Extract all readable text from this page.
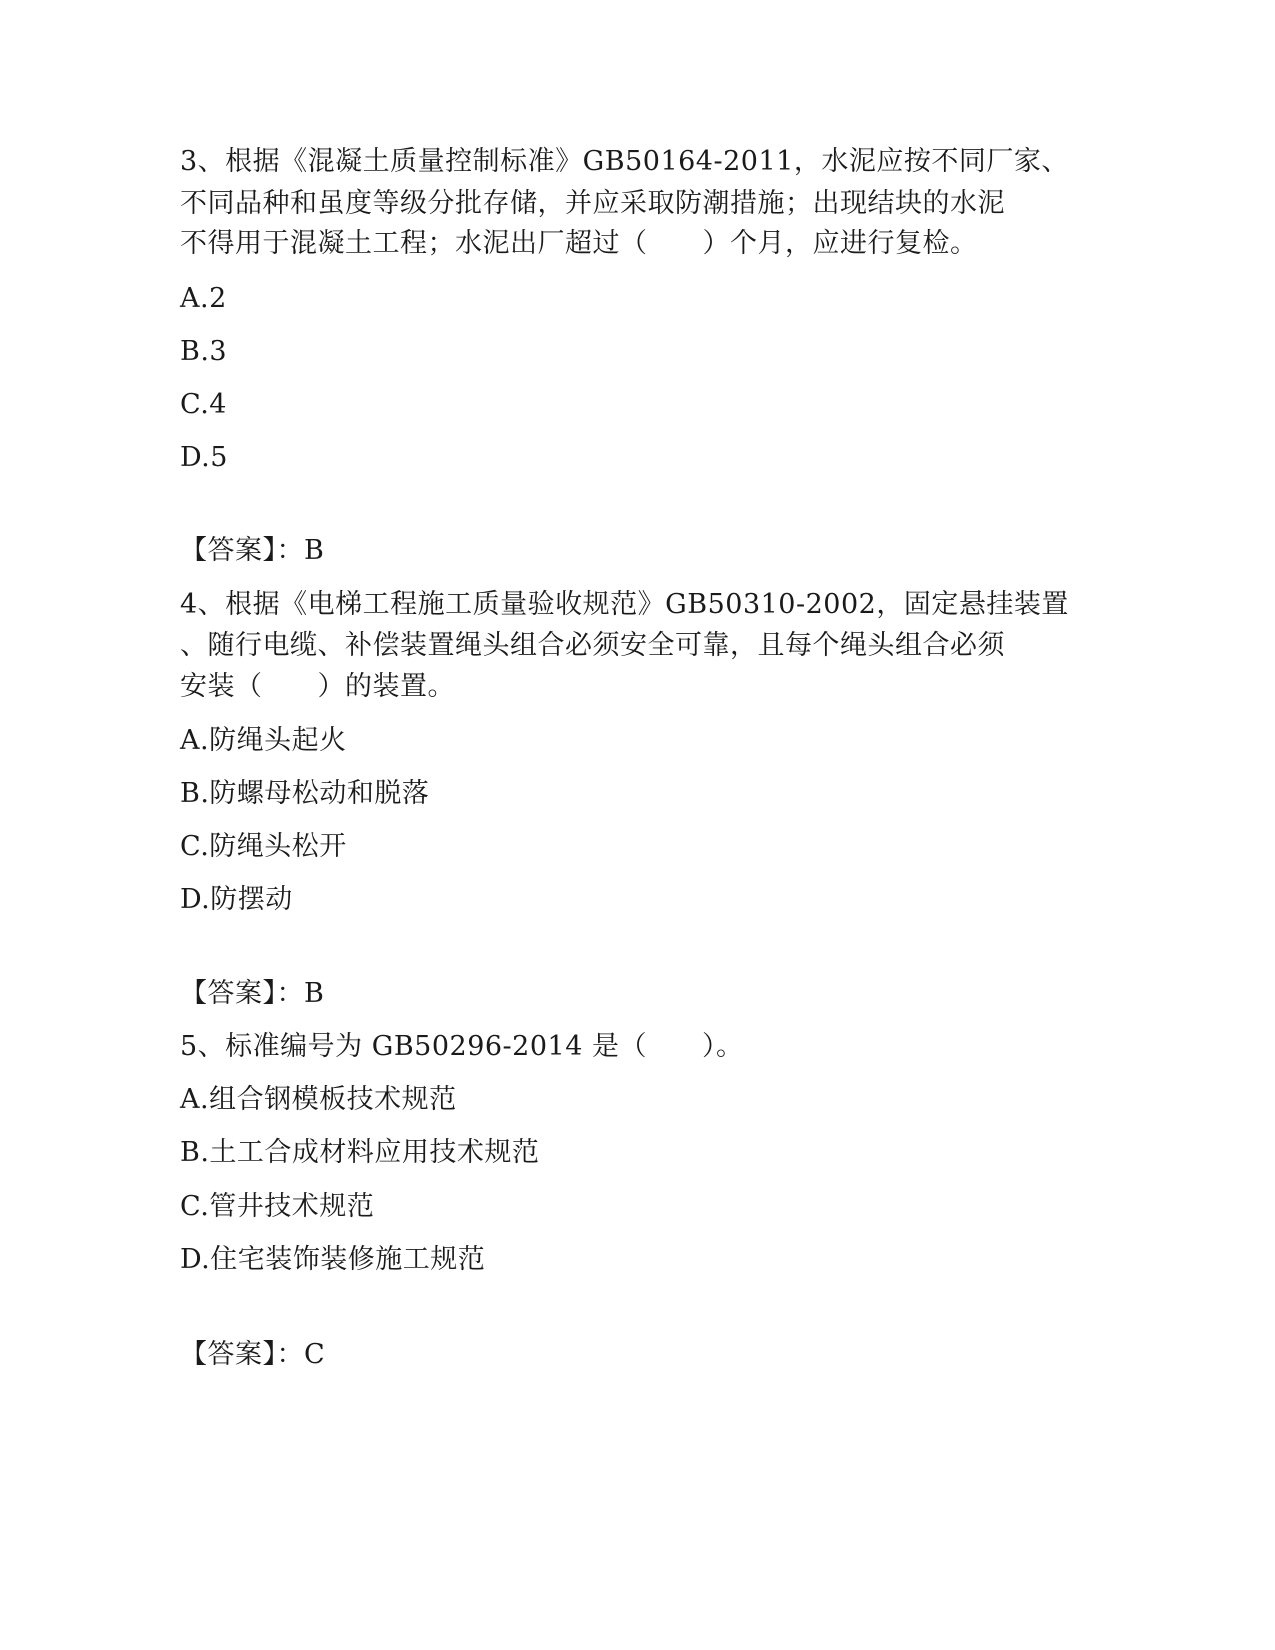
3、根据《混凝土质量控制标准》GB50164-2011，水泥应按不同厂家、
不同品种和虽度等级分批存储，并应采取防潮措施；出现结块的水泥
不得用于混凝土工程；水泥出厂超过（　　）个月，应进行复检。
A.2
B.3
C.4
D.5
【答案】：B
4、根据《电梯工程施工质量验收规范》GB50310-2002，固定悬挂装置
、随行电缆、补偿装置绳头组合必须安全可靠，且每个绳头组合必须
安装（　　）的装置。
A.防绳头起火
B.防螺母松动和脱落
C.防绳头松开
D.防摆动
【答案】：B
5、标准编号为 GB50296-2014 是（　　）。
A.组合钢模板技术规范
B.土工合成材料应用技术规范
C.管井技术规范
D.住宅装饰装修施工规范
【答案】：C
